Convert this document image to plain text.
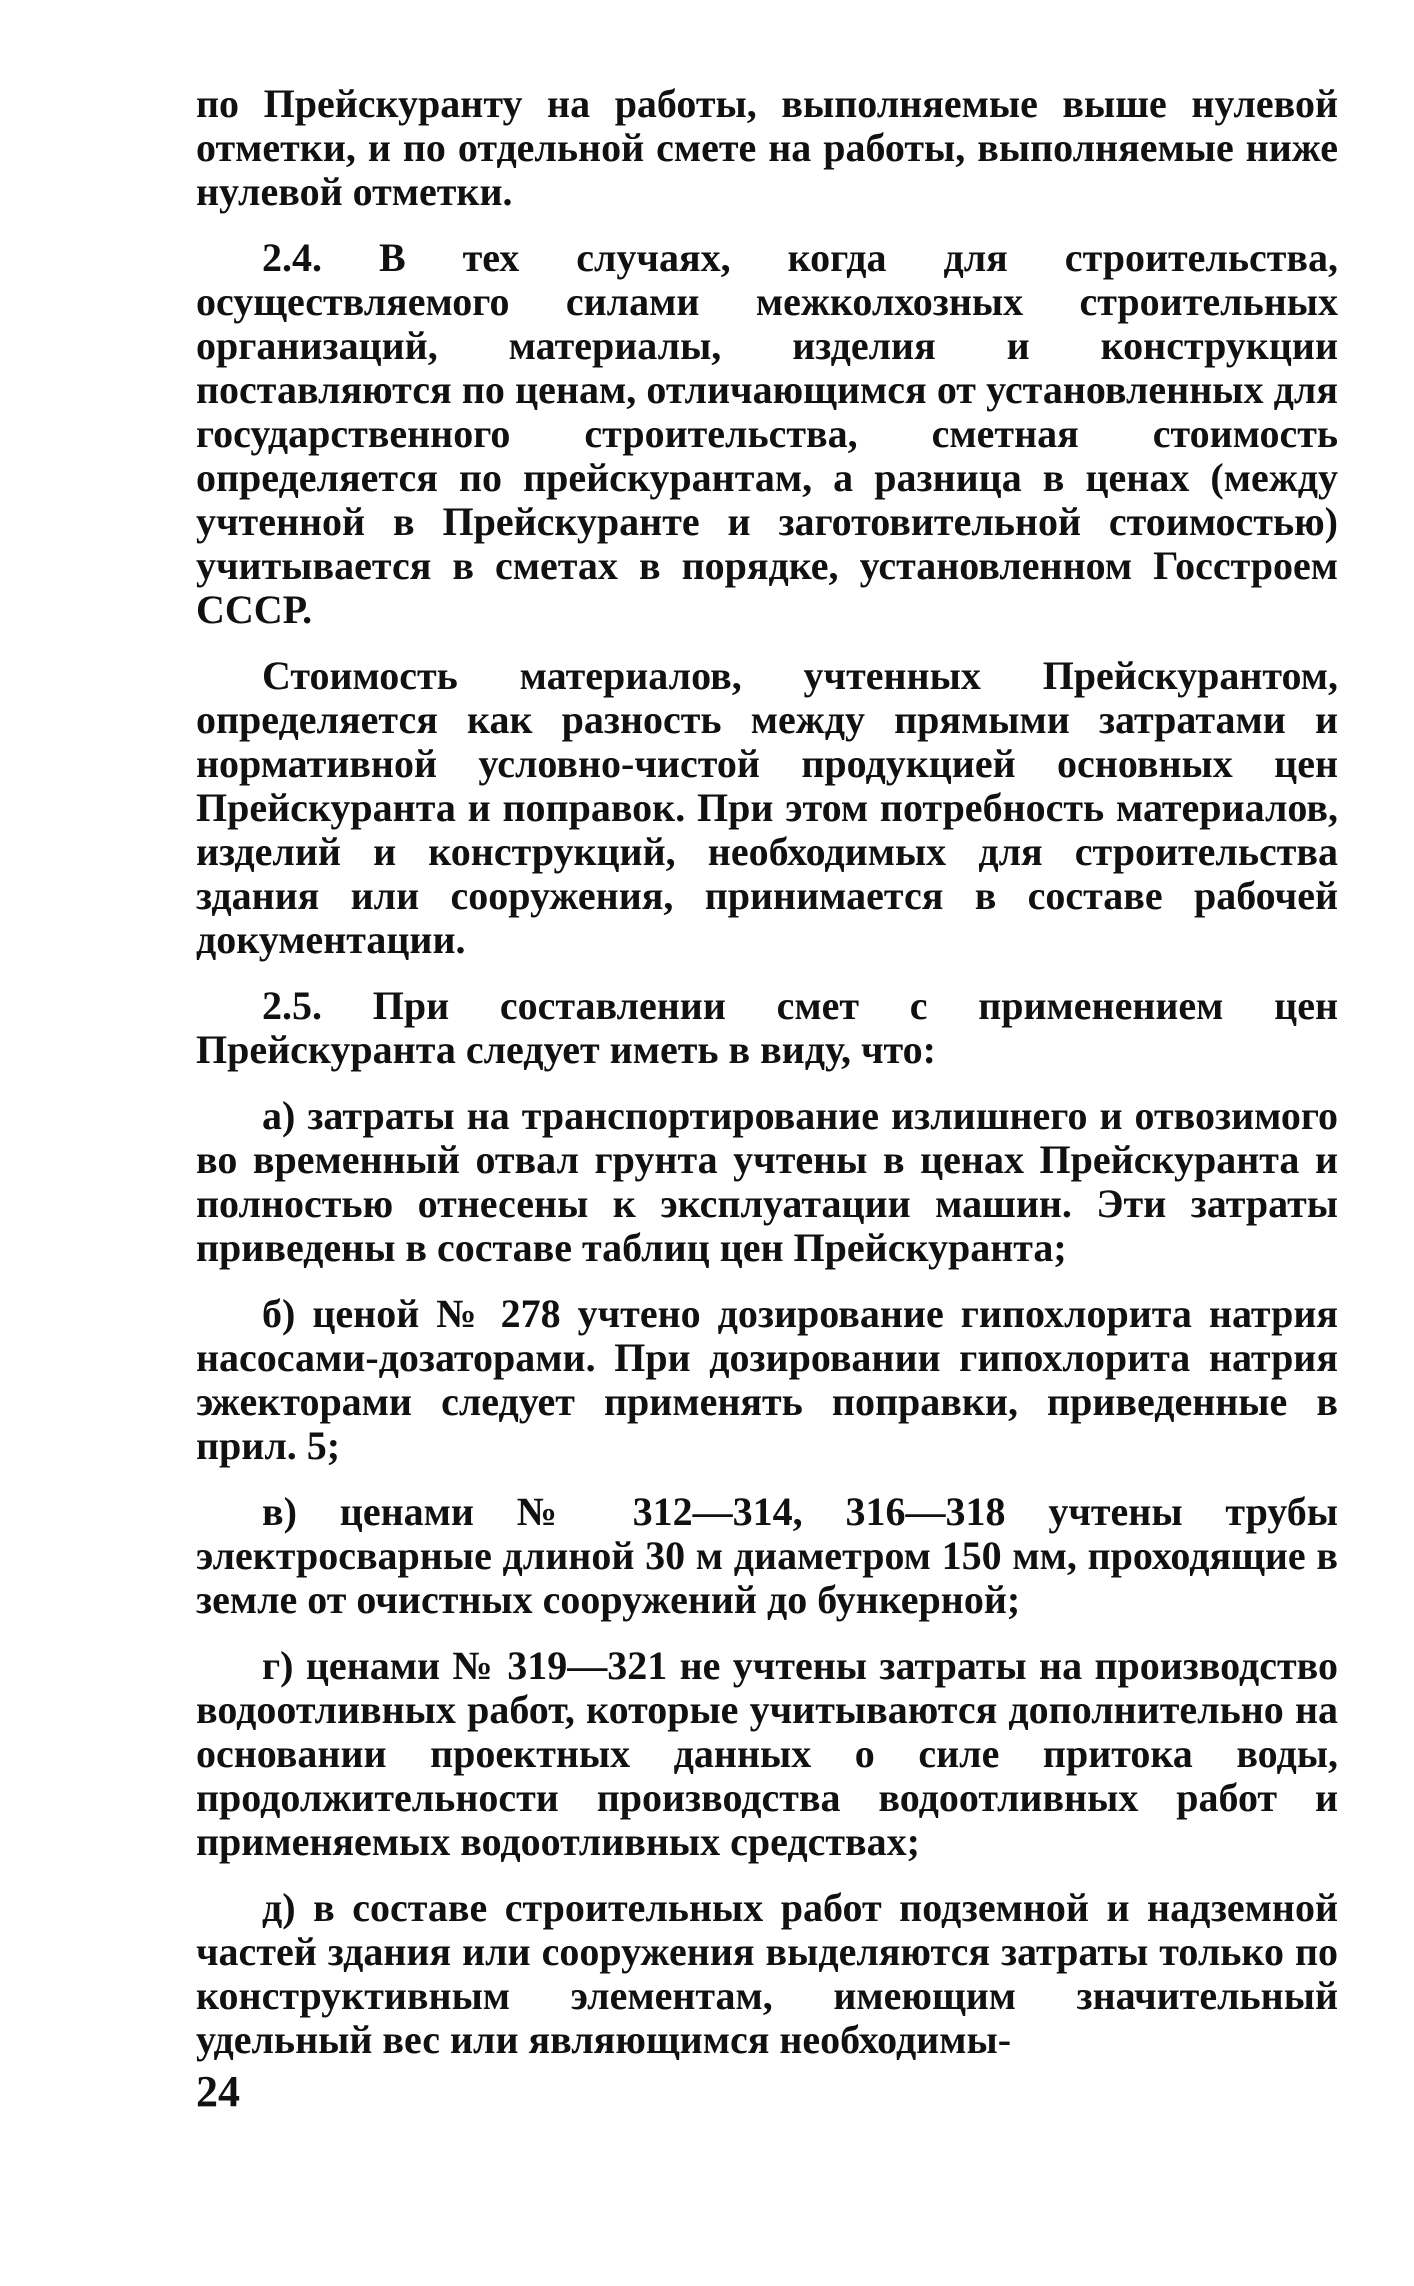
по Прейскуранту на работы, выполняемые выше нулевой отметки, и по отдельной смете на работы, выполняемые ниже нулевой отметки.

2.4. В тех случаях, когда для строительства, осуществляемого силами межколхозных строительных организаций, материалы, изделия и конструкции поставляются по ценам, отличающимся от установленных для государственного строительства, сметная стоимость определяется по прейскурантам, а разница в ценах (между учтенной в Прейскуранте и заготовительной стоимостью) учитывается в сметах в порядке, установленном Госстроем СССР.

Стоимость материалов, учтенных Прейскурантом, определяется как разность между прямыми затратами и нормативной условно-чистой продукцией основных цен Прейскуранта и поправок. При этом потребность материалов, изделий и конструкций, необходимых для строительства здания или сооружения, принимается в составе рабочей документации.

2.5. При составлении смет с применением цен Прейскуранта следует иметь в виду, что:

а) затраты на транспортирование излишнего и отвозимого во временный отвал грунта учтены в ценах Прейскуранта и полностью отнесены к эксплуатации машин. Эти затраты приведены в составе таблиц цен Прейскуранта;

б) ценой № 278 учтено дозирование гипохлорита натрия насосами-дозаторами. При дозировании гипохлорита натрия эжекторами следует применять поправки, приведенные в прил. 5;

в) ценами № 312—314, 316—318 учтены трубы электросварные длиной 30 м диаметром 150 мм, проходящие в земле от очистных сооружений до бункерной;

г) ценами № 319—321 не учтены затраты на производство водоотливных работ, которые учитываются дополнительно на основании проектных данных о силе притока воды, продолжительности производства водоотливных работ и применяемых водоотливных средствах;

д) в составе строительных работ подземной и надземной частей здания или сооружения выделяются затраты только по конструктивным элементам, имеющим значительный удельный вес или являющимся необходимы-

24
